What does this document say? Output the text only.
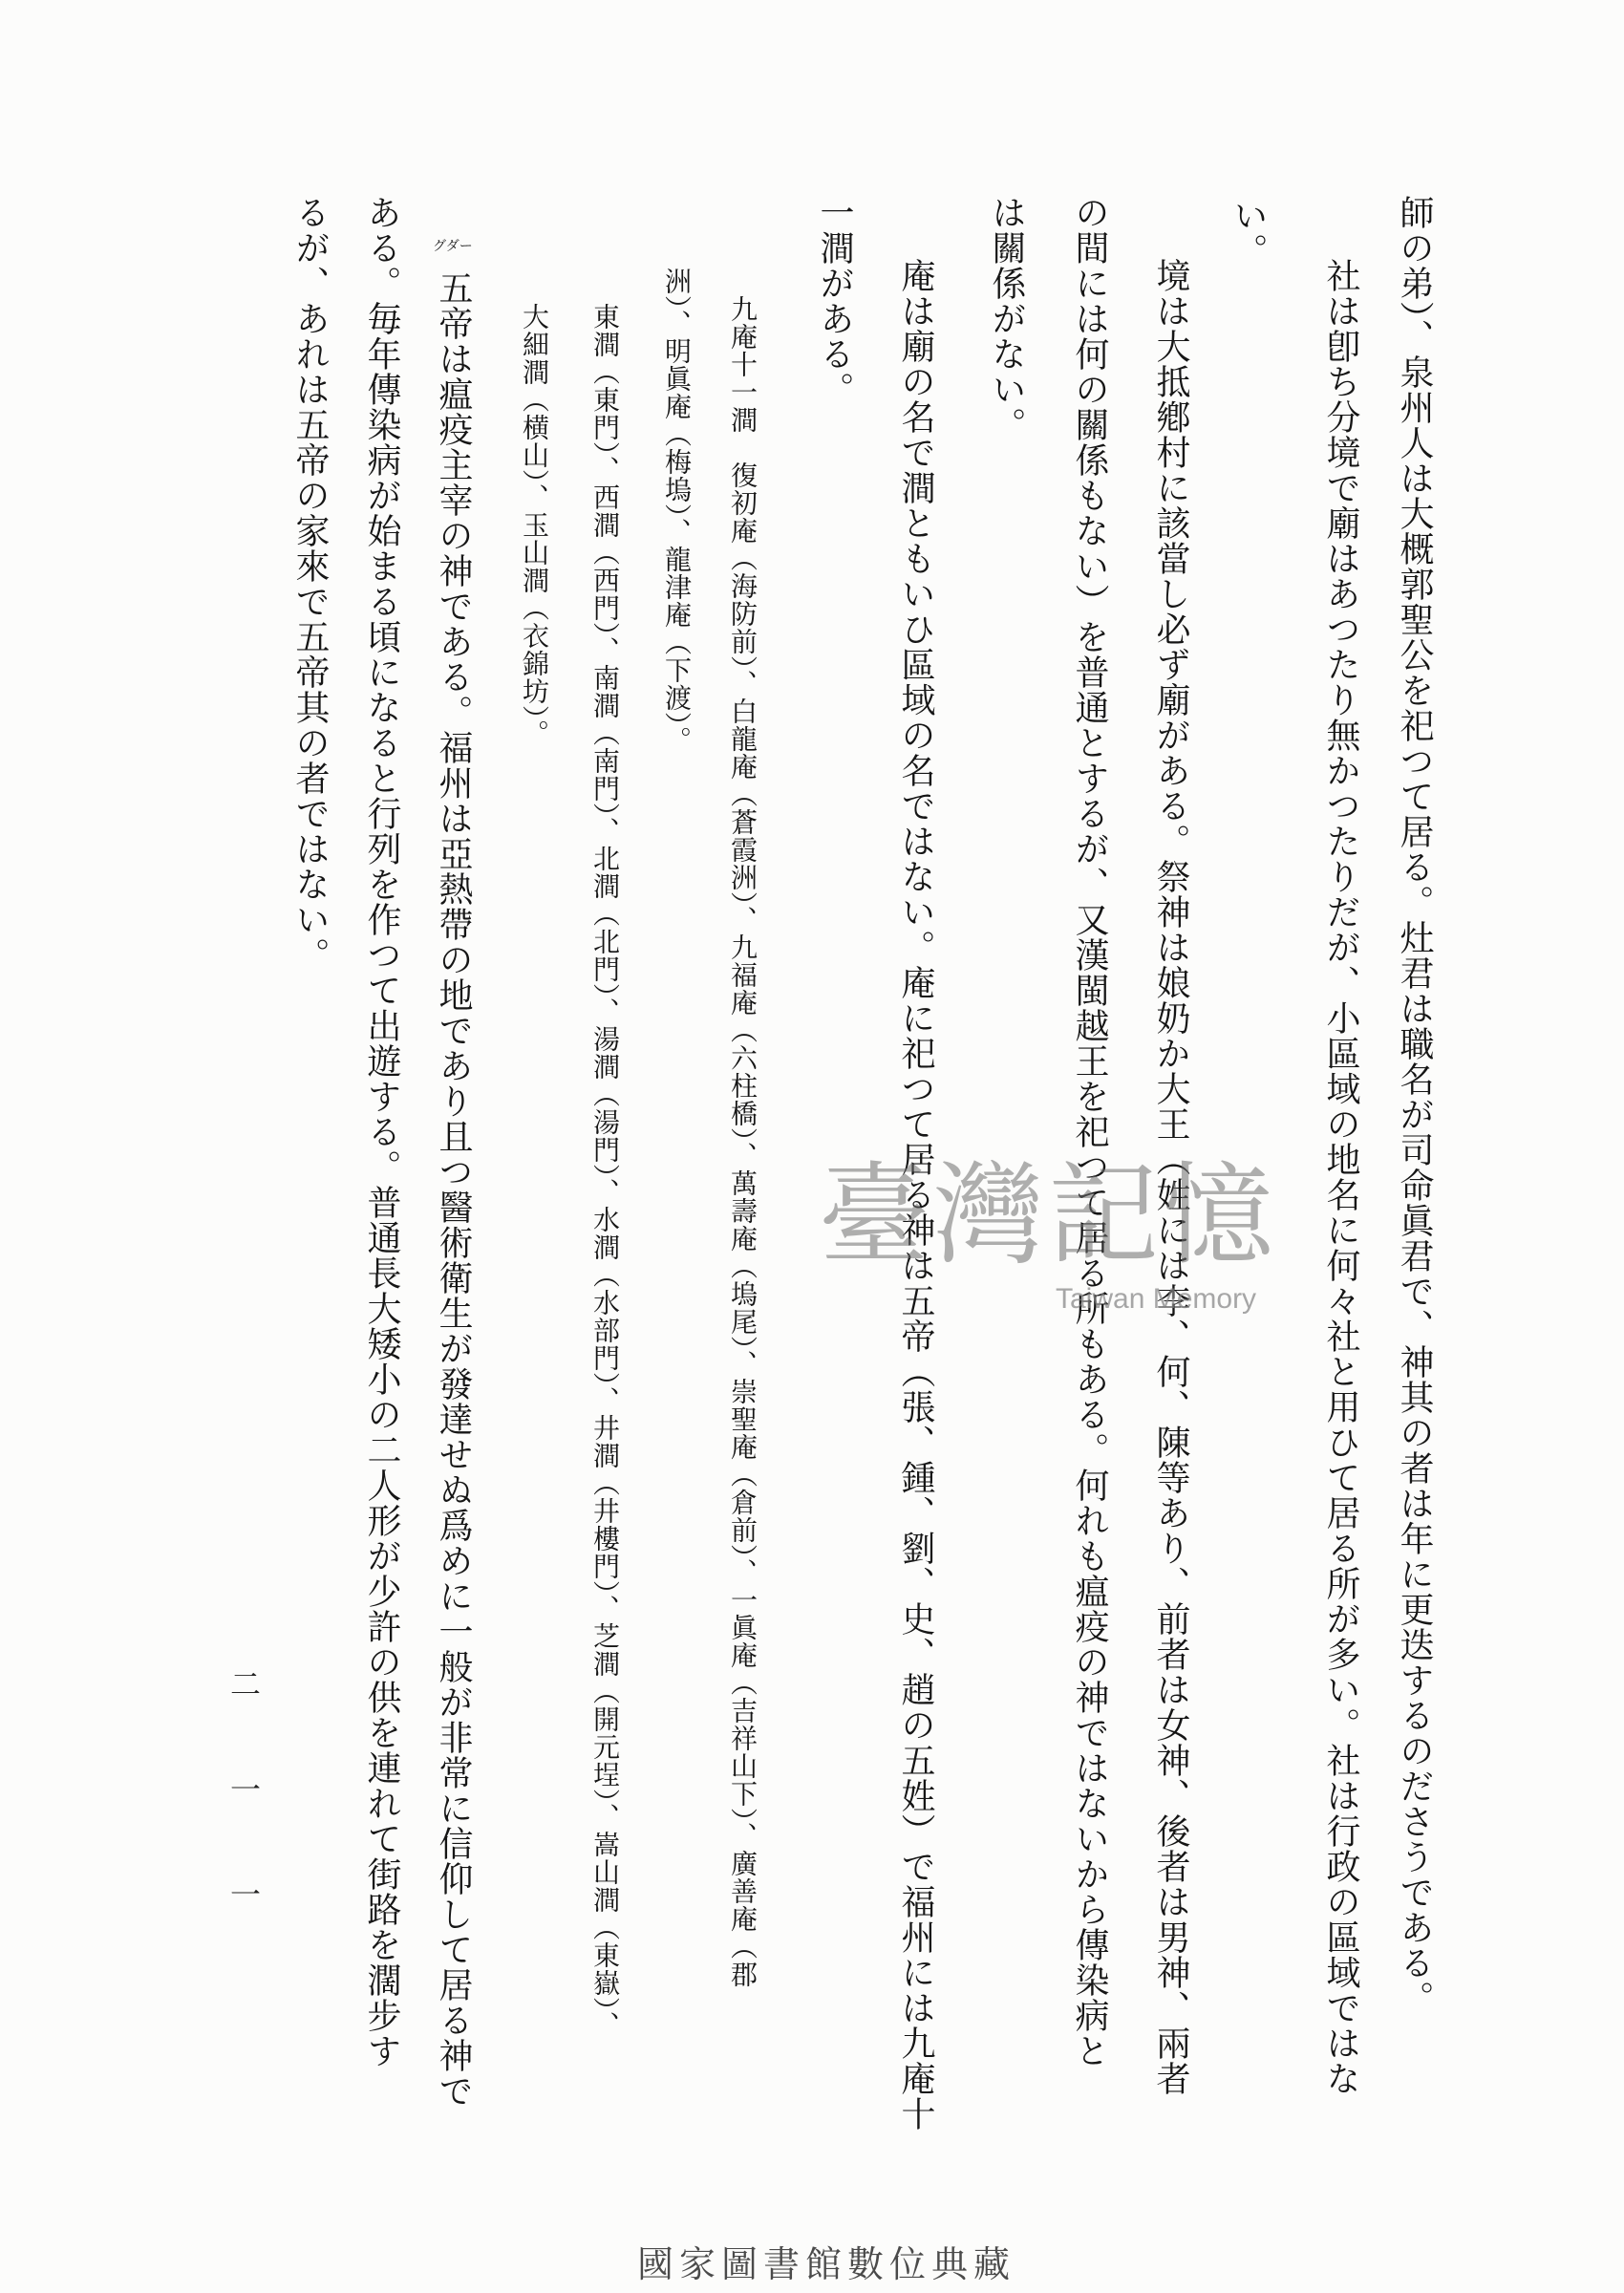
師の弟）、泉州人は大概郭聖公を祀つて居る。灶君は職名が司命眞君で、神其の者は年に更迭するのださうである。

社は卽ち分境で廟はあつたり無かつたりだが、小區域の地名に何々社と用ひて居る所が多い。社は行政の區域ではな

い。

境は大抵鄕村に該當し必ず廟がある。祭神は娘奶か大王（姓には李、何、陳等あり、前者は女神、後者は男神、兩者

の間には何の關係もない）を普通とするが、又漢閩越王を祀つて居る所もある。何れも瘟疫の神ではないから傳染病と

は關係がない。

庵は廟の名で澗ともいひ區域の名ではない。庵に祀つて居る神は五帝（張、鍾、劉、史、趙の五姓）で福州には九庵十

一澗がある。

九庵十一澗　復初庵（海防前）、白龍庵（蒼霞洲）、九福庵（六柱橋）、萬壽庵（塢尾）、崇聖庵（倉前）、一眞庵（吉祥山下）、廣善庵（郡

洲）、明眞庵（梅塢）、龍津庵（下渡）。

東澗（東門）、西澗（西門）、南澗（南門）、北澗（北門）、湯澗（湯門）、水澗（水部門）、井澗（井樓門）、芝澗（開元埕）、嵩山澗（東嶽）、

大細澗（横山）、玉山澗（衣錦坊）。

グダー

五帝は瘟疫主宰の神である。福州は亞熱帶の地であり且つ醫術衛生が發達せぬ爲めに一般が非常に信仰して居る神で

ある。毎年傳染病が始まる頃になると行列を作つて出遊する。普通長大矮小の二人形が少許の供を連れて街路を濶步す

るが、あれは五帝の家來で五帝其の者ではない。

二一一

臺灣記憶
Taiwan Memory
國家圖書館數位典藏
